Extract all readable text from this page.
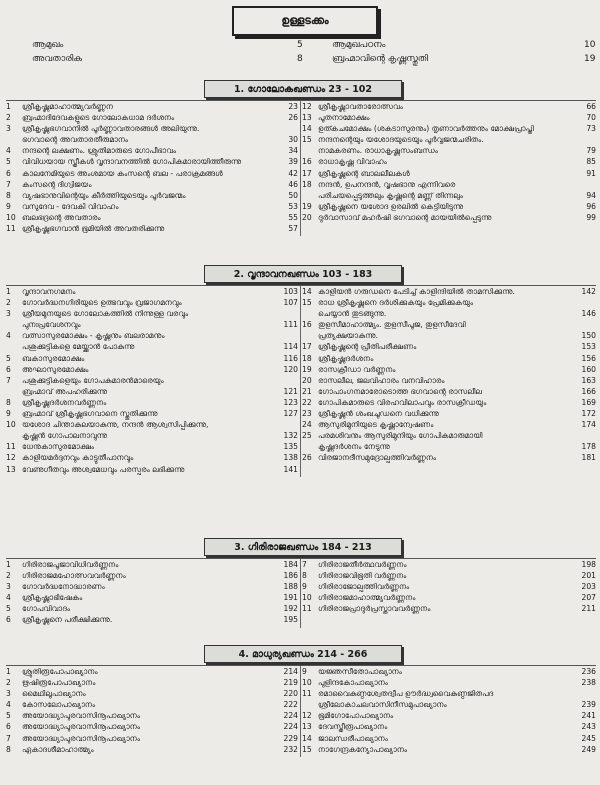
ഉള്ളടക്കം
ആമുഖം	5	ആമുഖപഠനം	10
അവതാരിക	8	ബ്രഹ്മാവിന്റെ കൃഷ്ണസ്തുതി	19
1. ഗോലോകഖണ്ഡം 23 - 102
1	ശ്രീകൃഷ്ണമാഹാത്മ്യവർണ്ണന	23
2	ബ്രഹ്മാദിദേവകളുടെ ഗോലോകധാമ ദർശനം	26
3	ശ്രീകൃഷ്ണഭഗവാനിൽ പൂർണ്ണാവതാരങ്ങൾ അലിയുന്നു.
ഭഗവാന്റെ അവതാരതീരുമാനം	30
4	നന്ദന്റെ ലക്ഷണം. ശ്രുതിമാരുടെ ഗോപീഭാവം	34
5	വിവിധയായ സ്ത്രീകൾ വൃന്ദാവനത്തിൽ ഗോപികമാരായിത്തീരുന്നു	39
6	കാലനേമിയുടെ അംശമായ കംസന്റെ ബല - പരാക്രമങ്ങൾ	42
7	കംസന്റെ ദിഗ്വിജയം	46
8	വ്യഷഭാനുവിന്റെയും കീർത്തിയുടെയും പൂർവജന്മം	50
9	വസുദേവ - ദേവകി വിവാഹം	53
10 ബലഭദ്രന്റെ അവതാരം	55
11 ശ്രീകൃഷ്ണഭഗവാൻ ഭൂമിയിൽ അവതരിക്കുന്നു	57
12 ശ്രീകൃഷ്ണാവതാരോത്സവം	66
13 പൂതനാമോക്ഷം	70
14 ഉത്കചമോക്ഷം (ശകടാസുരനും) തൃണാവർത്തനും മോക്ഷപ്രാപ്തി	73
15 നന്ദനന്റെയും യശോദയുടെയും പൂർവ്വജന്മചരിതം.
നാമകരണം. രാധാകൃഷ്ണസംബന്ധം	79
16 രാധാകൃഷ്ണ വിവാഹം	85
17 ശ്രീകൃഷ്ണന്റെ ബാലലീലകൾ	91
18 നന്ദൻ, ഉപനന്ദൻ, വൃഷഭാനു എന്നിവരെ
പരിചയപ്പെടുത്തലും കൃഷ്ണന്റെ മണ്ണ് തിന്നലും	94
19 ശ്രീകൃഷ്ണനെ യശോദ ഉരലിൽ കെട്ടിയിടുന്നു	96
20 ദുർവാസാവ് മഹർഷി ഭഗവാന്റെ മായയിൽപ്പെടുന്നു	99
2. വൃന്ദാവനഖണ്ഡം 103 - 183
1	വൃന്ദാവനഗമനം	103
2	ഗോവർദ്ധനഗിരിയുടെ ഉത്ഭവവും വ്രജാഗമനവും	107
3	ശ്രീയമുനയുടെ ഗോലോകത്തിൽ നിന്നുള്ള വരവും
പുനഃപ്രവേശനവും	111
4	വത്സാസുരമോക്ഷം - കൃഷ്ണനും ബലരാമനും
പശുക്കുട്ടികളെ മേയ്ക്കാൻ പോകുന്നു	114
5	ബകാസുരമോക്ഷം	116
6	അഘാസുരമോക്ഷം	120
7	പശുക്കുട്ടികളെയും ഗോപകുമാരൻമാരെയും
ബ്രഹ്മാവ് അപഹരിക്കുന്നു	121
8	ശ്രീകൃഷ്ണദർശനവർണ്ണനം	123
9	ബ്രഹ്മാവ് ശ്രീകൃഷ്ണഭഗവാനെ സ്തുതിക്കുന്നു	127
10 യശോദ ചിന്താകുലയാകുന്നു, നന്ദൻ ആശ്വസിപ്പിക്കുന്നു,
കൃഷ്ണൻ ഗോപാലനാവുന്നു	132
11 ധേനുകാസുരമോക്ഷം	135
12 കാളിയമർദ്ദനവും കാട്ടുതീപാനവും	138
13 വേണുഗീതവും അശ്വമേധവും പരസ്പരം ലഭിക്കുന്നു	141
14 കാളിയൻ ഗരുഡനെ പേടിച്ച് കാളിന്ദിയിൽ താമസിക്കുന്നു.	142
15 രാധ ശ്രീകൃഷ്ണനെ ദർശിക്കുകയും പ്രേമിക്കുകയും
ചെയ്യാൻ തുടങ്ങുന്നു.	146
16 തുളസീമാഹാത്മ്യം. തുളസീപൂജ, തുളസീദേവി
പ്രത്യക്ഷയാകുന്നു.	150
17 ശ്രീകൃഷ്ണന്റെ പ്രീതിപരീക്ഷണം	153
18 ശ്രീകൃഷ്ണദർശനം	156
19 രാസക്രീഡാ വർണ്ണനം	160
20 രാസലീല, ജലവിഹാരം വനവിഹാരം	163
21 ഗോപാംഗനമാരോടൊത്ത ഭഗവാന്റെ രാസലീല	166
22 ഗോപികമാരുടെ വിരഹവിലാപവും രാസക്രീഡയും	169
23 ശ്രീകൃഷ്ണൻ ശംഖചൂഡനെ വധിക്കുന്നു	172
24 ആസുരിമുനിയുടെ കൃഷ്ണാന്വേഷണം	174
25 പരമശിവനും ആസുരിമുനിയും ഗോപികമാരുമായി
കൃഷ്ണദർശനം നേടുന്നു	178
26 വിരജാനദീസമുദ്രോല്പത്തിവർണ്ണനം	181
3. ഗിരിരാജഖണ്ഡം 184 - 213
1	ഗിരിരാജപൂജാവിധിവർണ്ണനം	184
2	ഗിരിരാജമഹോത്സവവർണ്ണനം	186
3	ഗോവർദ്ധനോദ്ധാരണം	188
4	ശ്രീകൃഷ്ണാഭിഷേകം	191
5	ഗോപവിവാദം	192
6	ശ്രീകൃഷ്ണനെ പരീക്ഷിക്കുന്നു.	195
7	ഗിരിരാജതീർത്ഥവർണ്ണനം	198
8	ഗിരിരാജവിഭൂതി വർണ്ണനം	201
9	ഗിരിരാജോല്പത്തിവർണ്ണനം	203
10 ഗിരിരാജമാഹാത്മ്യവർണ്ണനം	207
11 ഗിരിരാജപ്രാദുർപ്രസ്താവവർണ്ണനം	211
4. മാധുര്യഖണ്ഡം 214 - 266
1	ശ്രുതിരൂപോപാഖ്യാനം	214
2	ഋഷിരൂപോപാഖ്യാനം	219
3	മൈഥിലൂപാഖ്യാനം	220
4	കോസലോപാഖ്യാനം	222
5	അയോദ്ധ്യാപുരവാസിനൂപാഖ്യാനം	224
6	അയോദ്ധ്യാപുരവാസിനൂപാഖ്യാനം	224
7	അയോദ്ധ്യാപുരവാസിനൂപാഖ്യാനം	229
8	ഏകാദശീമാഹാത്മ്യം	232
9	യജ്ഞസീതോപാഖ്യാനം	236
10 പുളിന്ദകോപാഖ്യാനം	238
11 രമാവൈകുണ്ഠശ്വേതദ്വീപ ഊർദ്ധ്വവൈകുണ്ഠജിതപദ
ശ്രീലോകാചലവാസിനീസമുപാഖ്യാനം	239
12 ഭൂമിഗോപോപാഖ്യാനം	241
13 ദേവസ്ത്രീരൂപാഖ്യാനം	243
14 ജാലന്ധരീപാഖ്യാനം	245
15 നാഗേന്ദ്രകന്യോപാഖ്യാനം	249
